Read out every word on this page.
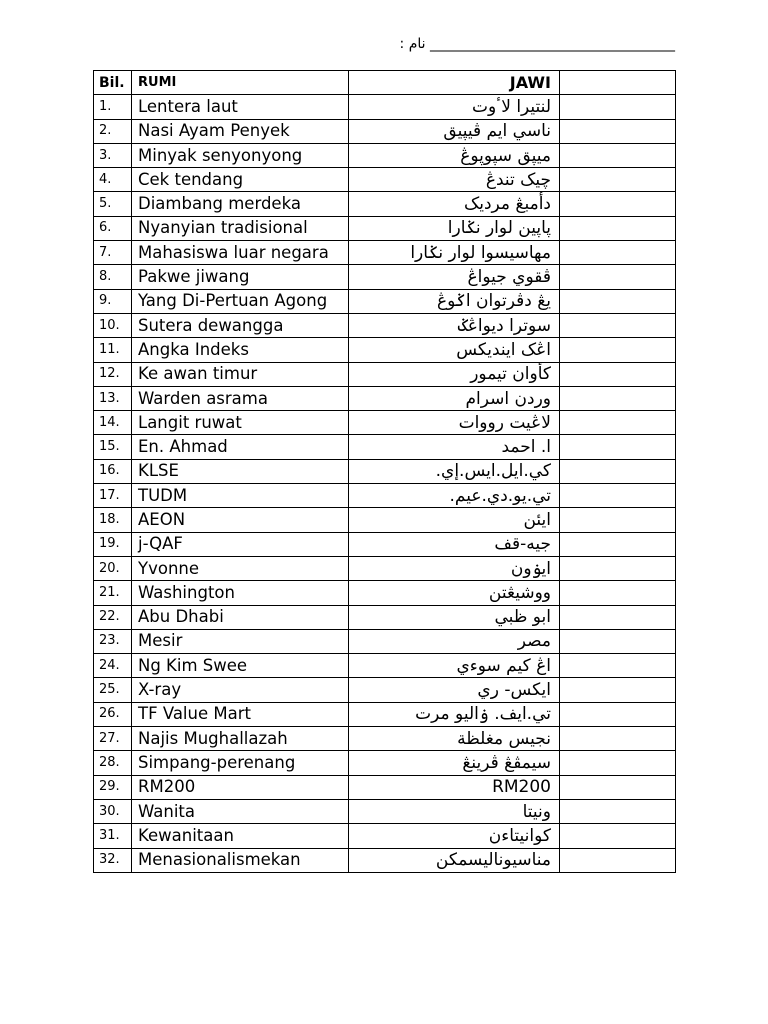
نام : ___________________________________
Bil.	RUMI	JAWI	
1.	Lentera laut	لنتيرا لاٴوت	
2.	Nasi Ayam Penyek	ناسي ايم ڤيپيق	
3.	Minyak senyonyong	ميڽق سڽوڽوڠ	
4.	Cek tendang	چيک تندڠ	
5.	Diambang merdeka	دأمبڠ مرديک	
6.	Nyanyian tradisional	ڽاڽين لوار نݢارا	
7.	Mahasiswa luar negara	مهاسيسوا لوار نݢارا	
8.	Pakwe jiwang	ڤقوي جيواڠ	
9.	Yang Di-Pertuan Agong	يڠ دڤرتوان اݢوڠ	
10.	Sutera dewangga	سوترا ديواڠݢ	
11.	Angka Indeks	اڠک ايندیکس	
12.	Ke awan timur	کأوان تيمور	
13.	Warden asrama	وردن اسرام	
14.	Langit ruwat	لاڠيت رووات	
15.	En. Ahmad	ا. احمد	
16.	KLSE	كي.ايل.ايس.إي.	
17.	TUDM	تي.يو.دي.عيم.	
18.	AEON	ايئن	
19.	j-QAF	جيه-قف	
20.	Yvonne	ايۏون	
21.	Washington	ووشيڠتن	
22.	Abu Dhabi	ابو ظبي	
23.	Mesir	مصر	
24.	Ng Kim Swee	اڠ كيم سوءي	
25.	X-ray	ايکس- ري	
26.	TF Value Mart	تي.ايف. ۏاليو مرت	
27.	Najis Mughallazah	نجيس مغلظة	
28.	Simpang-perenang	سيمڤڠ ڤرينڠ	
29.	RM200	RM200	
30.	Wanita	ونيتا	
31.	Kewanitaan	کوانيتاءن	
32.	Menasionalismekan	مناسيوناليسمکن	
